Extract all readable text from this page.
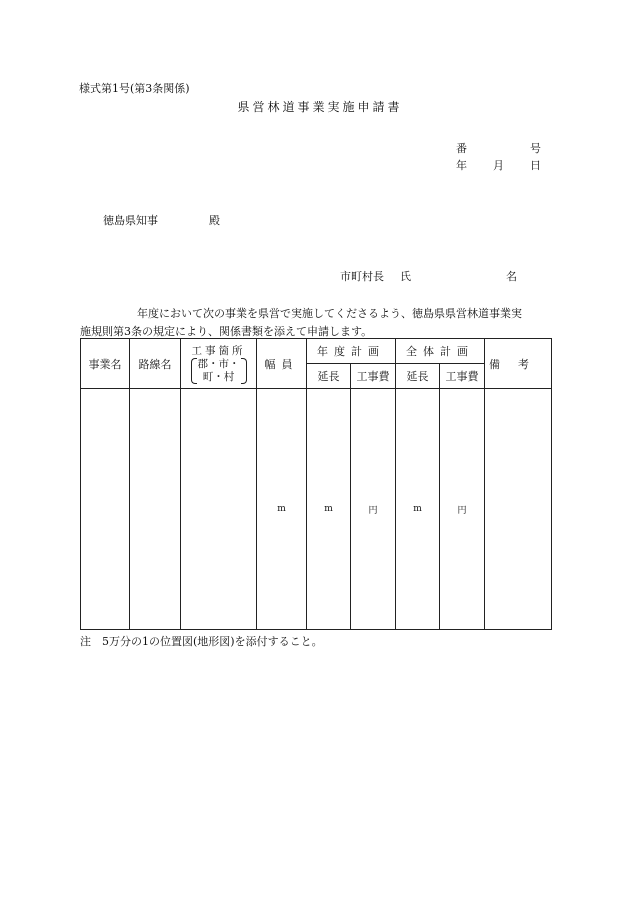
様式第1号(第3条関係)
県営林道事業実施申請書
番	号
年 月 日
徳島県知事	殿
市町村長 氏	名
年度において次の事業を県営で実施してくださるよう、徳島県県営林道事業実
施規則第3条の規定により、関係書類を添えて申請します。
事業名	路線名	工事箇所
郡・市・
町・村	幅員	年度計画		全体計画		備考
				延長	工事費	延長	工事費	
			m	m	円	m	円	
注　5万分の1の位置図(地形図)を添付すること。
